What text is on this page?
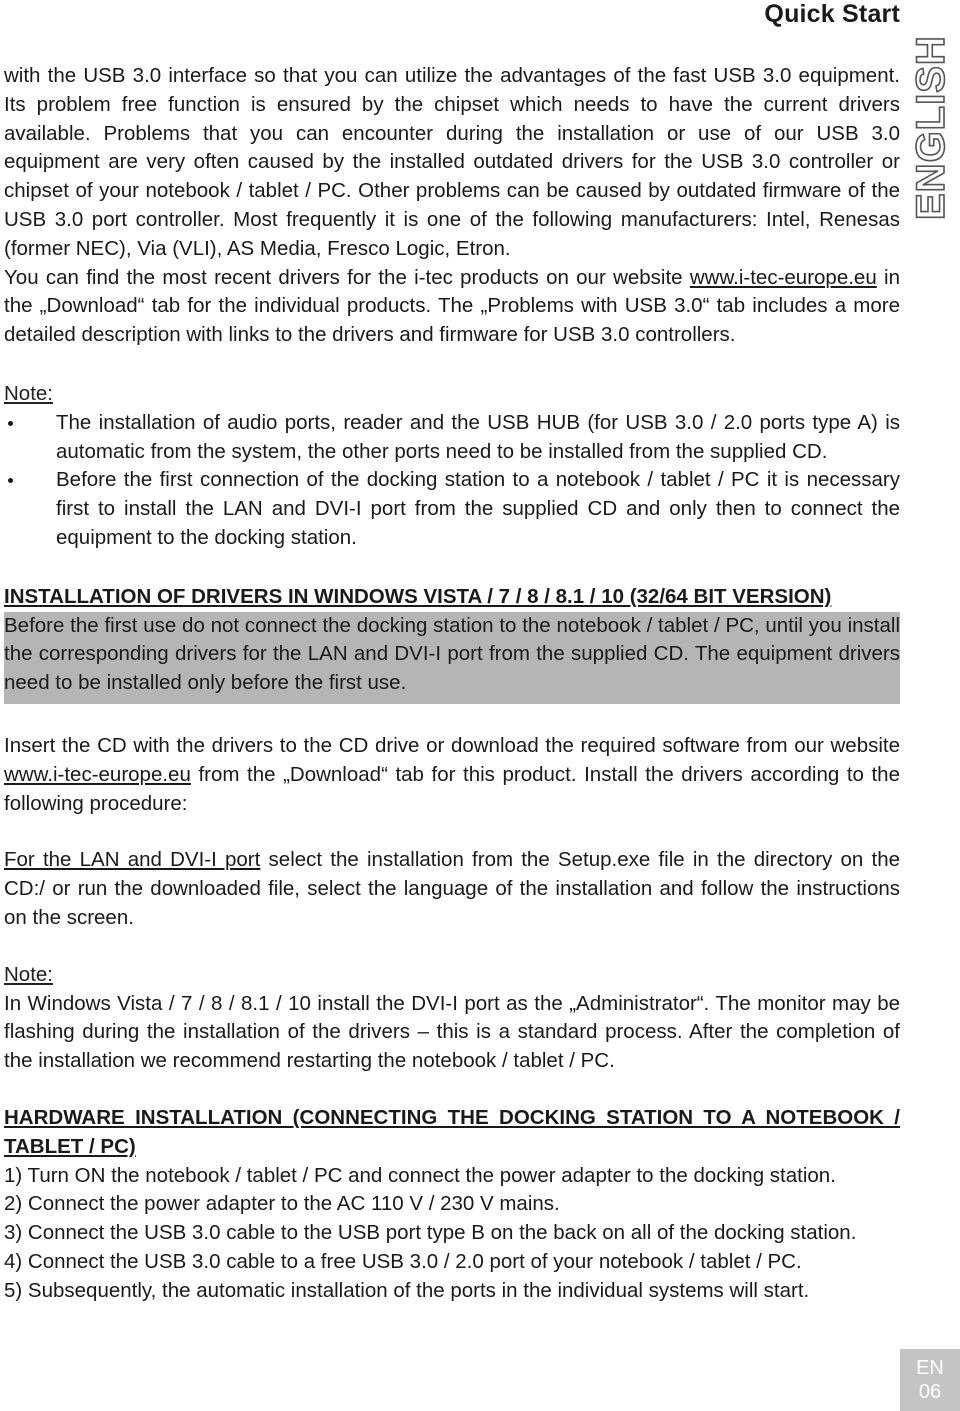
Quick Start
ENGLISH

with the USB 3.0 interface so that you can utilize the advantages of the fast USB 3.0 equipment. Its problem free function is ensured by the chipset which needs to have the current drivers available. Problems that you can encounter during the installation or use of our USB 3.0 equipment are very often caused by the installed outdated drivers for the USB 3.0 controller or chipset of your notebook / tablet / PC. Other problems can be caused by outdated firmware of the USB 3.0 port controller. Most frequently it is one of the following manufacturers: Intel, Renesas (former NEC), Via (VLI), AS Media, Fresco Logic, Etron.

You can find the most recent drivers for the i-tec products on our website www.i-tec-europe.eu in the „Download“ tab for the individual products. The „Problems with USB 3.0“ tab includes a more detailed description with links to the drivers and firmware for USB 3.0 controllers.

Note:

The installation of audio ports, reader and the USB HUB (for USB 3.0 / 2.0 ports type A) is automatic from the system, the other ports need to be installed from the supplied CD.
Before the first connection of the docking station to a notebook / tablet / PC it is necessary first to install the LAN and DVI-I port from the supplied CD and only then to connect the equipment to the docking station.

INSTALLATION OF DRIVERS IN WINDOWS VISTA / 7 / 8 / 8.1 / 10 (32/64 BIT VERSION)

Before the first use do not connect the docking station to the notebook / tablet / PC, until you install the corresponding drivers for the LAN and DVI-I port from the supplied CD. The equipment drivers need to be installed only before the first use.

Insert the CD with the drivers to the CD drive or download the required software from our website www.i-tec-europe.eu from the „Download“ tab for this product. Install the drivers according to the following procedure:

For the LAN and DVI-I port select the installation from the Setup.exe file in the directory on the CD:/ or run the downloaded file, select the language of the installation and follow the instructions on the screen.

Note:

In Windows Vista / 7 / 8 / 8.1 / 10 install the DVI-I port as the „Administrator“. The monitor may be flashing during the installation of the drivers – this is a standard process. After the completion of the installation we recommend restarting the notebook / tablet / PC.

HARDWARE INSTALLATION (CONNECTING THE DOCKING STATION TO A NOTEBOOK / TABLET / PC)

1) Turn ON the notebook / tablet / PC and connect the power adapter to the docking station.
2) Connect the power adapter to the AC 110 V / 230 V mains.
3) Connect the USB 3.0 cable to the USB port type B on the back on all of the docking station.
4) Connect the USB 3.0 cable to a free USB 3.0 / 2.0 port of your notebook / tablet / PC.
5) Subsequently, the automatic installation of the ports in the individual systems will start.
EN
06
